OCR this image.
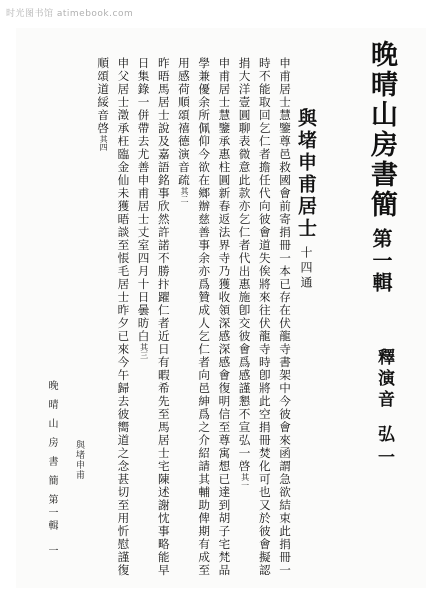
时光图书馆 atimebook.com
晚晴山房書簡第一輯
釋演音弘一
與堵申甫居士十四通

申甫居士慧鑒尊邑救國會前寄捐冊一本已存在伏龍寺書架中今彼會來函謂急欲結束此捐冊一時不能取回乞仁者擔任代向彼會道失俟將來往伏龍寺時卽將此空捐冊焚化可也又於彼會擬認捐大洋壹圓聊表微意此款亦乞仁者代出惠施卽交彼會爲感謹懇不宣弘一啓其一

申甫居士慧鑒承惠柱圓新春返法界寺乃獲收領深感深感會復明信至尊寓想已達到胡子宅梵品學兼優余所佩仰今欲在鄉辦慈善事余亦爲贊成人乞仁者向邑紳爲之介紹請其輔助俾期有成至用感荷順頌禧德演音疏其二

昨晤馬居士說及嘉語銘事欣然許諾不勝抃躍仁者近日有暇希先至馬居士宅陳述謝忱事略能早日集錄一併帶去尤善申甫居士丈室四月十日曇昉白其三

申父居士澂承枉臨金仙未獲晤談至悵毛居士昨夕已來今午歸去彼嚮道之念甚切至用忻慰謹復順頌道綏音啓其四

晚晴山房書簡第一輯
與堵申甫
一
